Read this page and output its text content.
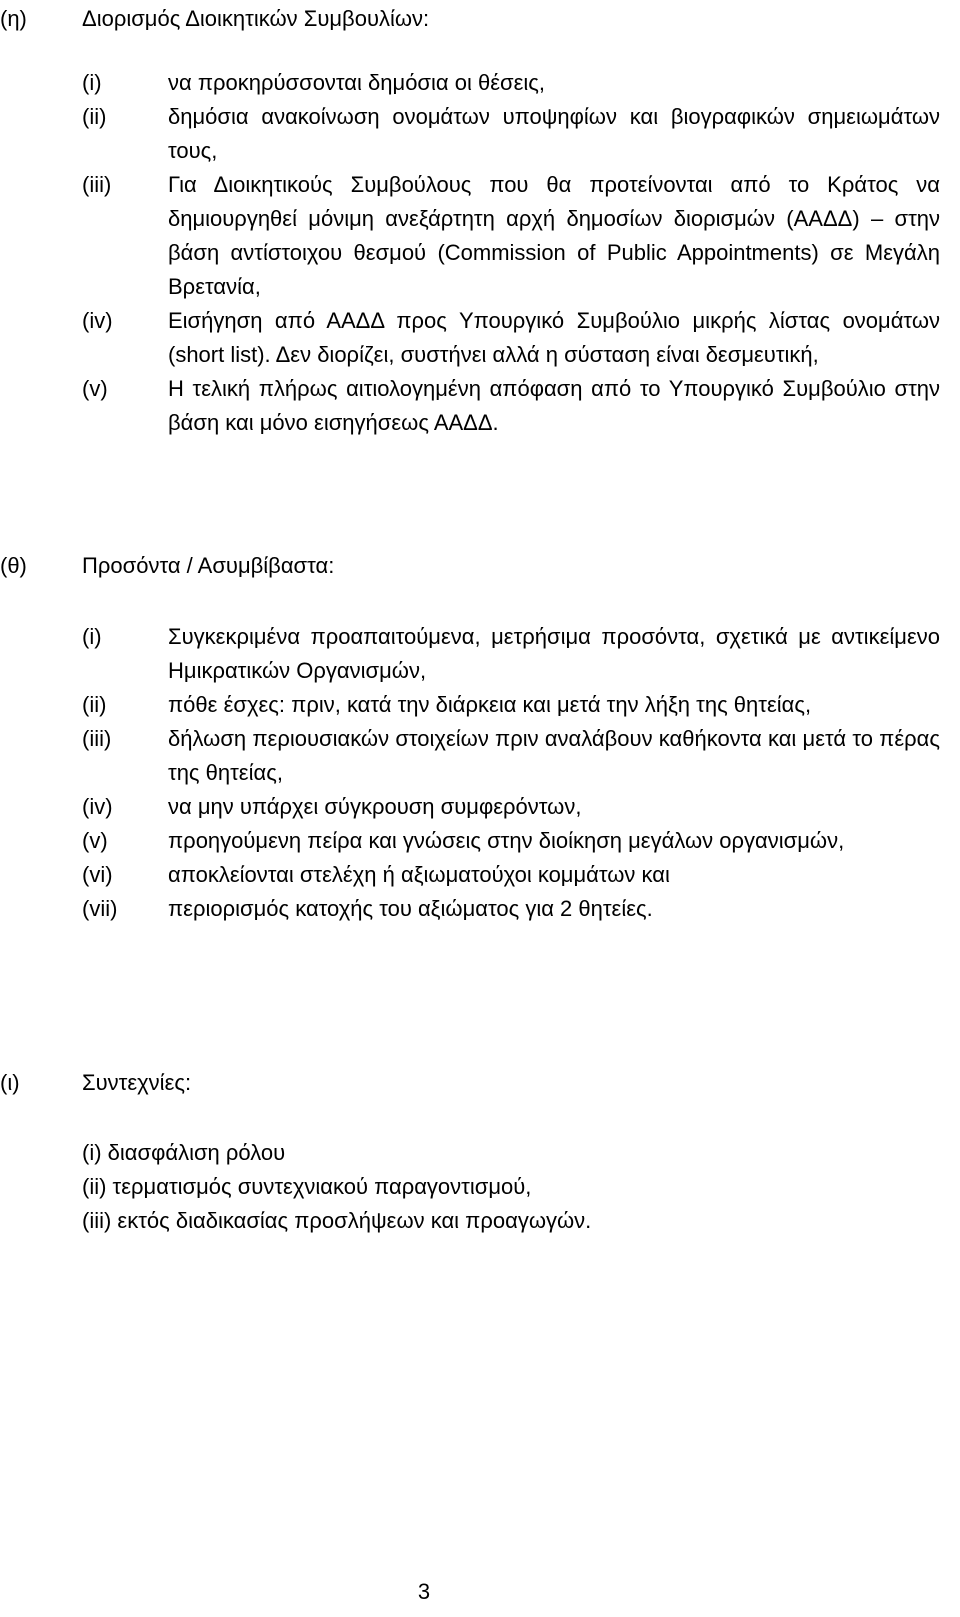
(η)	Διορισμός Διοικητικών Συμβουλίων:
(i)	να προκηρύσσονται δημόσια οι θέσεις,
(ii)	δημόσια ανακοίνωση ονομάτων υποψηφίων και βιογραφικών σημειωμάτων τους,
(iii)	Για Διοικητικούς Συμβούλους που θα προτείνονται από το Κράτος να δημιουργηθεί μόνιμη ανεξάρτητη αρχή δημοσίων διορισμών (ΑΑΔΔ) – στην βάση αντίστοιχου θεσμού (Commission of Public Appointments) σε Μεγάλη Βρετανία,
(iv)	Εισήγηση από ΑΑΔΔ προς Υπουργικό Συμβούλιο μικρής λίστας ονομάτων (short list). Δεν διορίζει, συστήνει αλλά η σύσταση είναι δεσμευτική,
(v)	Η τελική πλήρως αιτιολογημένη απόφαση από το Υπουργικό Συμβούλιο στην βάση και μόνο εισηγήσεως ΑΑΔΔ.
(θ)	Προσόντα / Ασυμβίβαστα:
(i)	Συγκεκριμένα προαπαιτούμενα, μετρήσιμα προσόντα, σχετικά με αντικείμενο Ημικρατικών Οργανισμών,
(ii)	πόθε έσχες: πριν, κατά την διάρκεια και μετά την λήξη της θητείας,
(iii)	δήλωση περιουσιακών στοιχείων πριν αναλάβουν καθήκοντα και μετά το πέρας της θητείας,
(iv)	να μην υπάρχει σύγκρουση συμφερόντων,
(v)	προηγούμενη πείρα και γνώσεις στην διοίκηση μεγάλων οργανισμών,
(vi)	αποκλείονται στελέχη ή αξιωματούχοι κομμάτων και
(vii)	περιορισμός κατοχής του αξιώματος για 2 θητείες.
(ι)	Συντεχνίες:
(i) διασφάλιση ρόλου
(ii) τερματισμός συντεχνιακού παραγοντισμού,
(iii) εκτός διαδικασίας προσλήψεων και προαγωγών.
3
